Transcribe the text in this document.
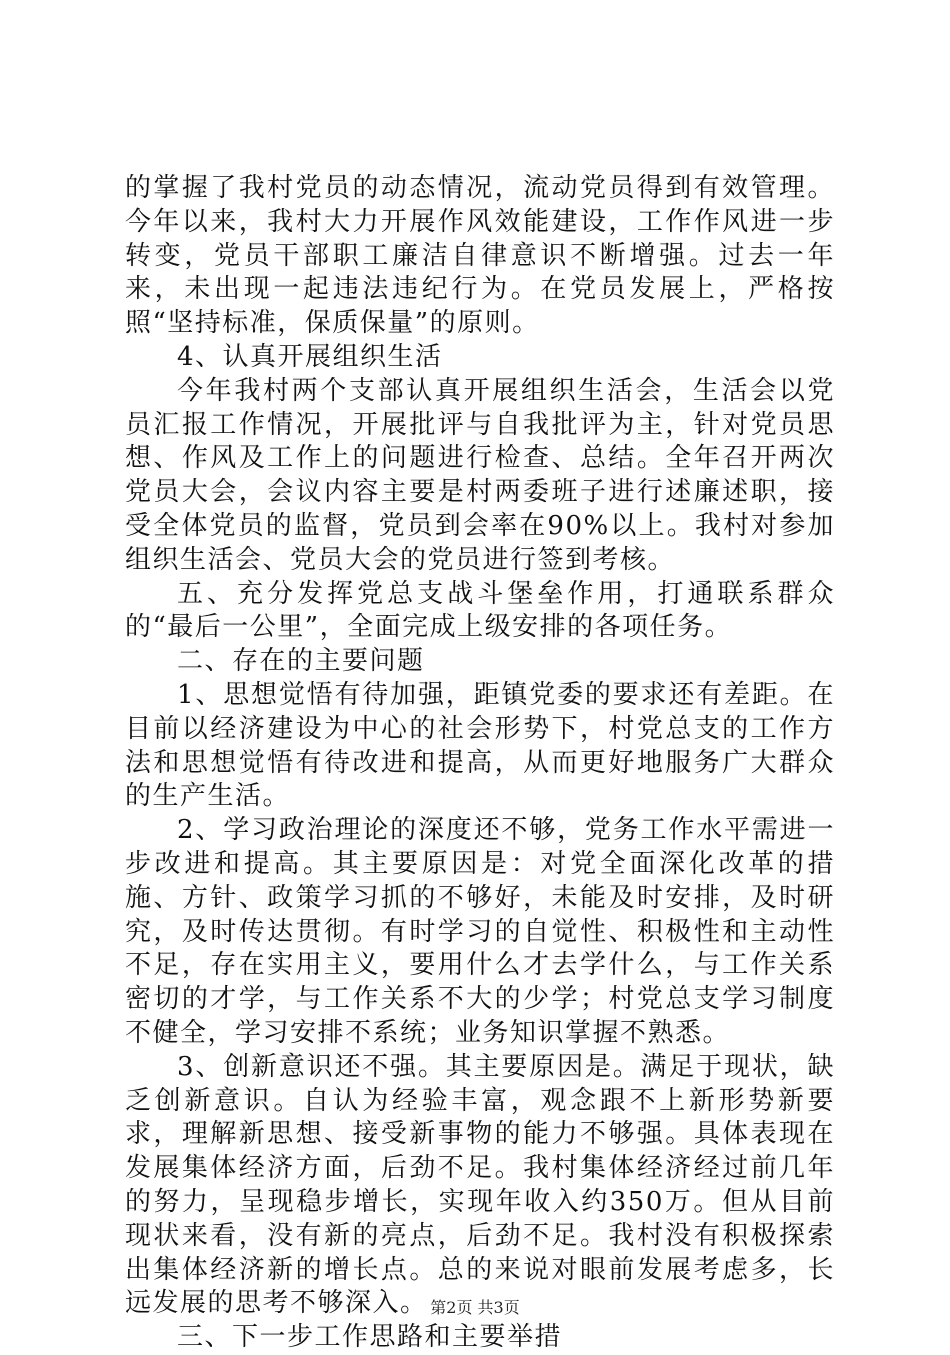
的掌握了我村党员的动态情况，流动党员得到有效管理。今年以来，我村大力开展作风效能建设，工作作风进一步转变，党员干部职工廉洁自律意识不断增强。过去一年来，未出现一起违法违纪行为。在党员发展上，严格按照“坚持标准，保质保量”的原则。

4、认真开展组织生活

今年我村两个支部认真开展组织生活会，生活会以党员汇报工作情况，开展批评与自我批评为主，针对党员思想、作风及工作上的问题进行检查、总结。全年召开两次党员大会，会议内容主要是村两委班子进行述廉述职，接受全体党员的监督，党员到会率在90%以上。我村对参加组织生活会、党员大会的党员进行签到考核。

五、充分发挥党总支战斗堡垒作用，打通联系群众的“最后一公里”，全面完成上级安排的各项任务。

二、存在的主要问题

1、思想觉悟有待加强，距镇党委的要求还有差距。在目前以经济建设为中心的社会形势下，村党总支的工作方法和思想觉悟有待改进和提高，从而更好地服务广大群众的生产生活。

2、学习政治理论的深度还不够，党务工作水平需进一步改进和提高。其主要原因是：对党全面深化改革的措施、方针、政策学习抓的不够好，未能及时安排，及时研究，及时传达贯彻。有时学习的自觉性、积极性和主动性不足，存在实用主义，要用什么才去学什么，与工作关系密切的才学，与工作关系不大的少学；村党总支学习制度不健全，学习安排不系统；业务知识掌握不熟悉。

3、创新意识还不强。其主要原因是。满足于现状，缺乏创新意识。自认为经验丰富，观念跟不上新形势新要求，理解新思想、接受新事物的能力不够强。具体表现在发展集体经济方面，后劲不足。我村集体经济经过前几年的努力，呈现稳步增长，实现年收入约350万。但从目前现状来看，没有新的亮点，后劲不足。我村没有积极探索出集体经济新的增长点。总的来说对眼前发展考虑多，长远发展的思考不够深入。

三、下一步工作思路和主要举措

第2页 共3页
